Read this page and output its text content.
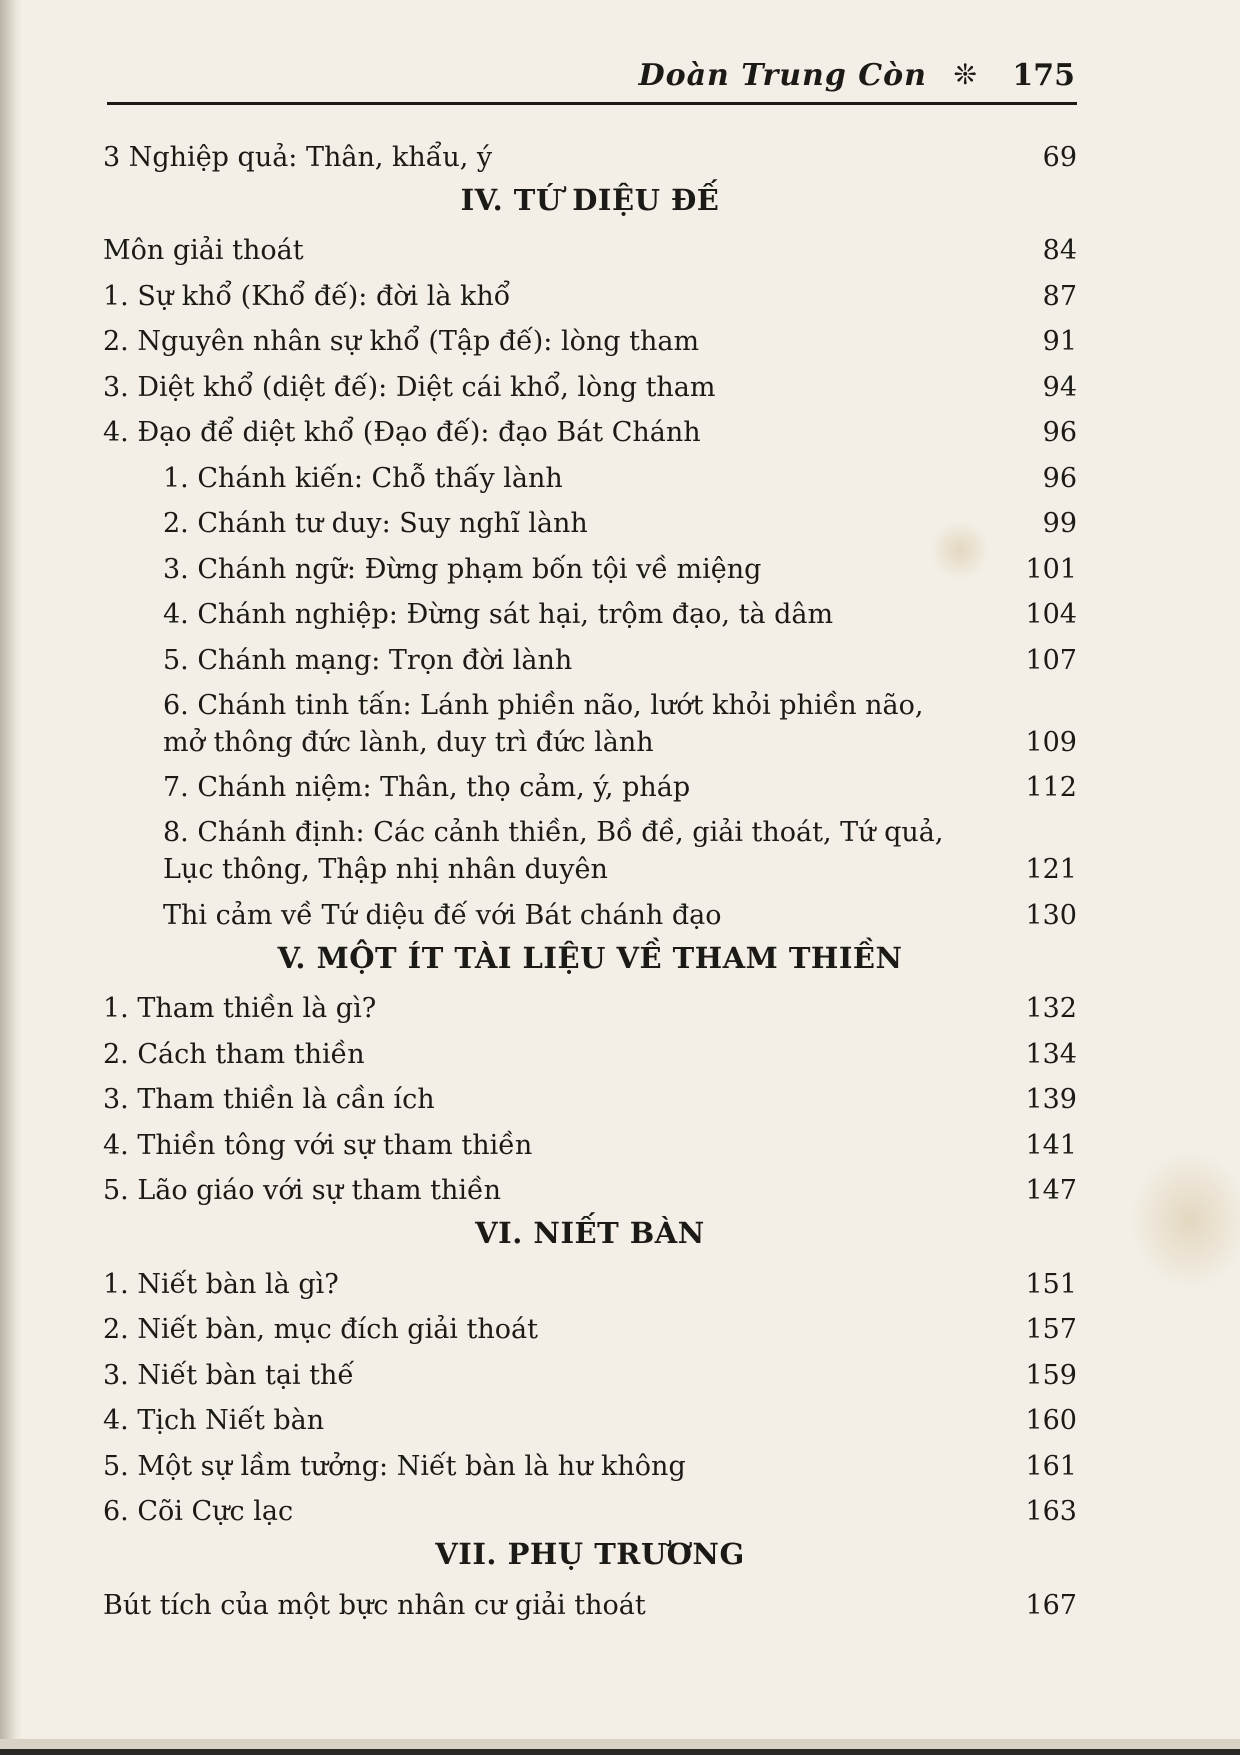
Doàn Trung Còn ❊ 175
3 Nghiệp quả: Thân, khẩu, ý	69
IV. TỨ DIỆU ĐẾ
Môn giải thoát	84
1. Sự khổ (Khổ đế): đời là khổ	87
2. Nguyên nhân sự khổ (Tập đế): lòng tham	91
3. Diệt khổ (diệt đế): Diệt cái khổ, lòng tham	94
4. Đạo để diệt khổ (Đạo đế): đạo Bát Chánh	96
1. Chánh kiến: Chỗ thấy lành	96
2. Chánh tư duy: Suy nghĩ lành	99
3. Chánh ngữ: Đừng phạm bốn tội về miệng	101
4. Chánh nghiệp: Đừng sát hại, trộm đạo, tà dâm	104
5. Chánh mạng: Trọn đời lành	107
6. Chánh tinh tấn: Lánh phiền não, lướt khỏi phiền não, mở thông đức lành, duy trì đức lành	109
7. Chánh niệm: Thân, thọ cảm, ý, pháp	112
8. Chánh định: Các cảnh thiền, Bồ đề, giải thoát, Tứ quả, Lục thông, Thập nhị nhân duyên	121
Thi cảm về Tứ diệu đế với Bát chánh đạo	130
V. MỘT ÍT TÀI LIỆU VỀ THAM THIỀN
1. Tham thiền là gì?	132
2. Cách tham thiền	134
3. Tham thiền là cần ích	139
4. Thiền tông với sự tham thiền	141
5. Lão giáo với sự tham thiền	147
VI. NIẾT BÀN
1. Niết bàn là gì?	151
2. Niết bàn, mục đích giải thoát	157
3. Niết bàn tại thế	159
4. Tịch Niết bàn	160
5. Một sự lầm tưởng: Niết bàn là hư không	161
6. Cõi Cực lạc	163
VII. PHỤ TRƯƠNG
Bút tích của một bực nhân cư giải thoát	167
